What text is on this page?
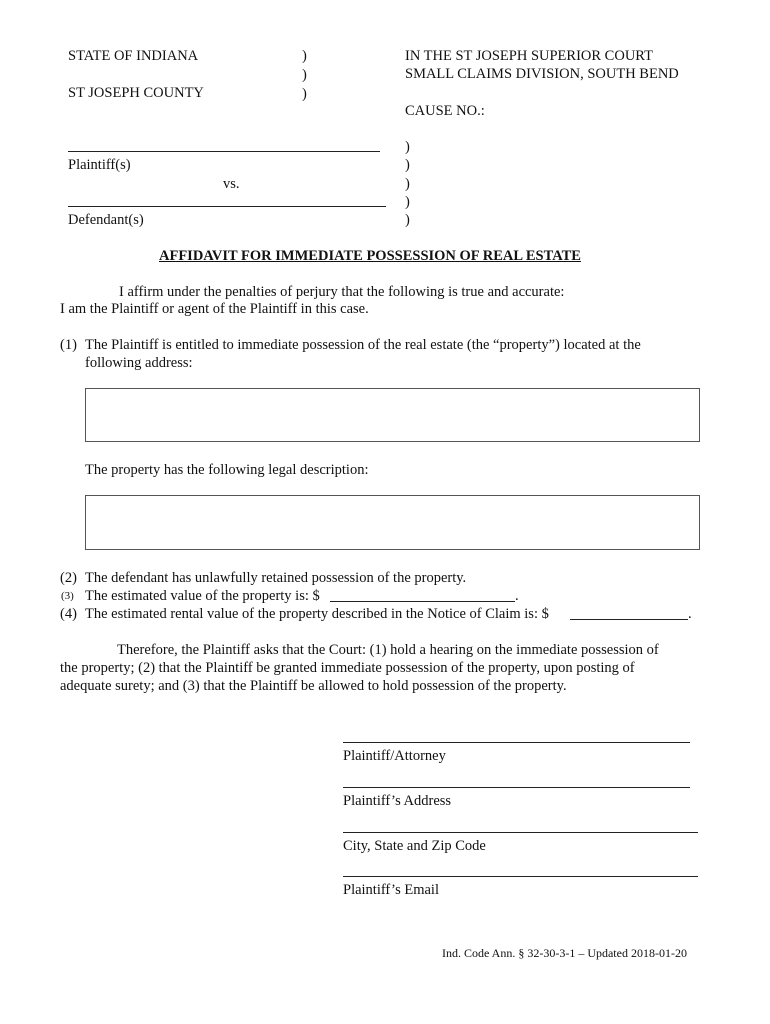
STATE OF INDIANA
ST JOSEPH COUNTY
)
)
)
IN THE ST JOSEPH SUPERIOR COURT
SMALL CLAIMS DIVISION, SOUTH BEND
CAUSE NO.:
Plaintiff(s)
vs.
Defendant(s)
)
)
)
)
)
AFFIDAVIT FOR IMMEDIATE POSSESSION OF REAL ESTATE
I affirm under the penalties of perjury that the following is true and accurate:
I am the Plaintiff or agent of the Plaintiff in this case.
(1) The Plaintiff is entitled to immediate possession of the real estate (the “property”) located at the
following address:
The property has the following legal description:
(2) The defendant has unlawfully retained possession of the property.
(3) The estimated value of the property is: $	.
(4) The estimated rental value of the property described in the Notice of Claim is: $	.
Therefore, the Plaintiff asks that the Court: (1) hold a hearing on the immediate possession of
the property; (2) that the Plaintiff be granted immediate possession of the property, upon posting of
adequate surety; and (3) that the Plaintiff be allowed to hold possession of the property.
Plaintiff/Attorney
Plaintiff’s Address
City, State and Zip Code
Plaintiff’s Email
Ind. Code Ann. § 32-30-3-1 – Updated 2018-01-20
